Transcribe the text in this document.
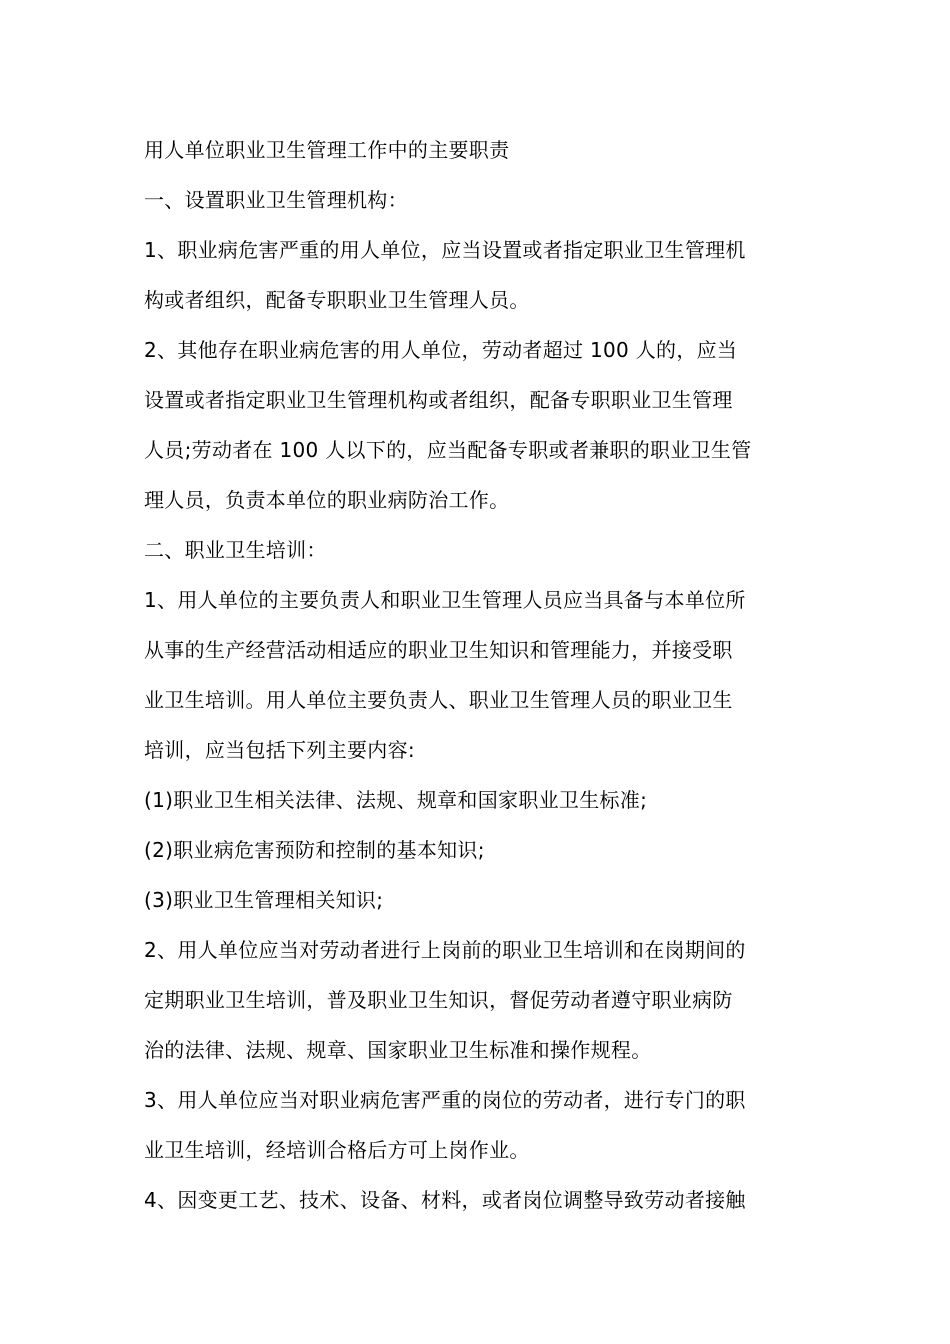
用人单位职业卫生管理工作中的主要职责
一、设置职业卫生管理机构：
1、职业病危害严重的用人单位，应当设置或者指定职业卫生管理机
构或者组织，配备专职职业卫生管理人员。
2、其他存在职业病危害的用人单位，劳动者超过 100 人的，应当
设置或者指定职业卫生管理机构或者组织，配备专职职业卫生管理
人员;劳动者在 100 人以下的，应当配备专职或者兼职的职业卫生管
理人员，负责本单位的职业病防治工作。
二、职业卫生培训：
1、用人单位的主要负责人和职业卫生管理人员应当具备与本单位所
从事的生产经营活动相适应的职业卫生知识和管理能力，并接受职
业卫生培训。用人单位主要负责人、职业卫生管理人员的职业卫生
培训，应当包括下列主要内容:
(1)职业卫生相关法律、法规、规章和国家职业卫生标准;
(2)职业病危害预防和控制的基本知识;
(3)职业卫生管理相关知识;
2、用人单位应当对劳动者进行上岗前的职业卫生培训和在岗期间的
定期职业卫生培训，普及职业卫生知识，督促劳动者遵守职业病防
治的法律、法规、规章、国家职业卫生标准和操作规程。
3、用人单位应当对职业病危害严重的岗位的劳动者，进行专门的职
业卫生培训，经培训合格后方可上岗作业。
4、因变更工艺、技术、设备、材料，或者岗位调整导致劳动者接触
